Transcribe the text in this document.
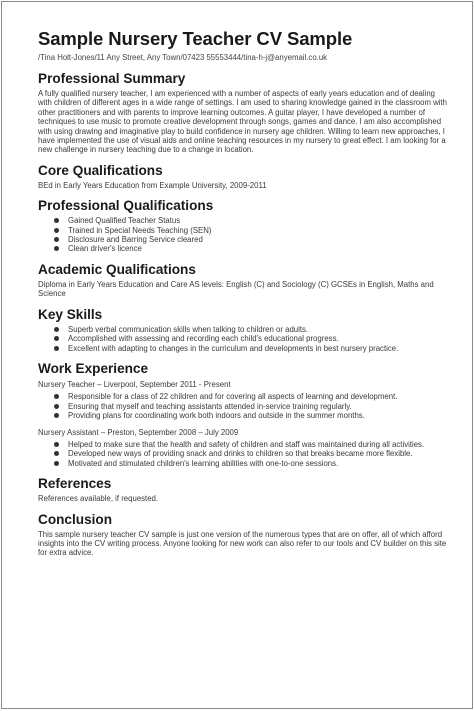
Sample Nursery Teacher CV Sample

/Tina Holt-Jones/11 Any Street, Any Town/07423 55553444/tina-h-j@anyemail.co.uk

Professional Summary

A fully qualified nursery teacher, I am experienced with a number of aspects of early years education and of dealing with children of different ages in a wide range of settings. I am used to sharing knowledge gained in the classroom with other practitioners and with parents to improve learning outcomes. A guitar player, I have developed a number of techniques to use music to promote creative development through songs, games and dance. I am also accomplished with using drawing and imaginative play to build confidence in nursery age children. Willing to learn new approaches, I have implemented the use of visual aids and online teaching resources in my nursery to great effect. I am looking for a new challenge in nursery teaching due to a change in location.

Core Qualifications

BEd in Early Years Education from Example University, 2009-2011

Professional Qualifications
Gained Qualified Teacher Status
Trained in Special Needs Teaching (SEN)
Disclosure and Barring Service cleared
Clean driver's licence
Academic Qualifications

Diploma in Early Years Education and Care AS levels: English (C) and Sociology (C) GCSEs in English, Maths and Science

Key Skills
Superb verbal communication skills when talking to children or adults.
Accomplished with assessing and recording each child's educational progress.
Excellent with adapting to changes in the curriculum and developments in best nursery practice.
Work Experience

Nursery Teacher – Liverpool, September 2011 - Present

Responsible for a class of 22 children and for covering all aspects of learning and development.
Ensuring that myself and teaching assistants attended in-service training regularly.
Providing plans for coordinating work both indoors and outside in the summer months.

Nursery Assistant – Preston, September 2008 – July 2009

Helped to make sure that the health and safety of children and staff was maintained during all activities.
Developed new ways of providing snack and drinks to children so that breaks became more flexible.
Motivated and stimulated children's learning abilities with one-to-one sessions.
References

References available, if requested.

Conclusion

This sample nursery teacher CV sample is just one version of the numerous types that are on offer, all of which afford insights into the CV writing process. Anyone looking for new work can also refer to our tools and CV builder on this site for extra advice.
